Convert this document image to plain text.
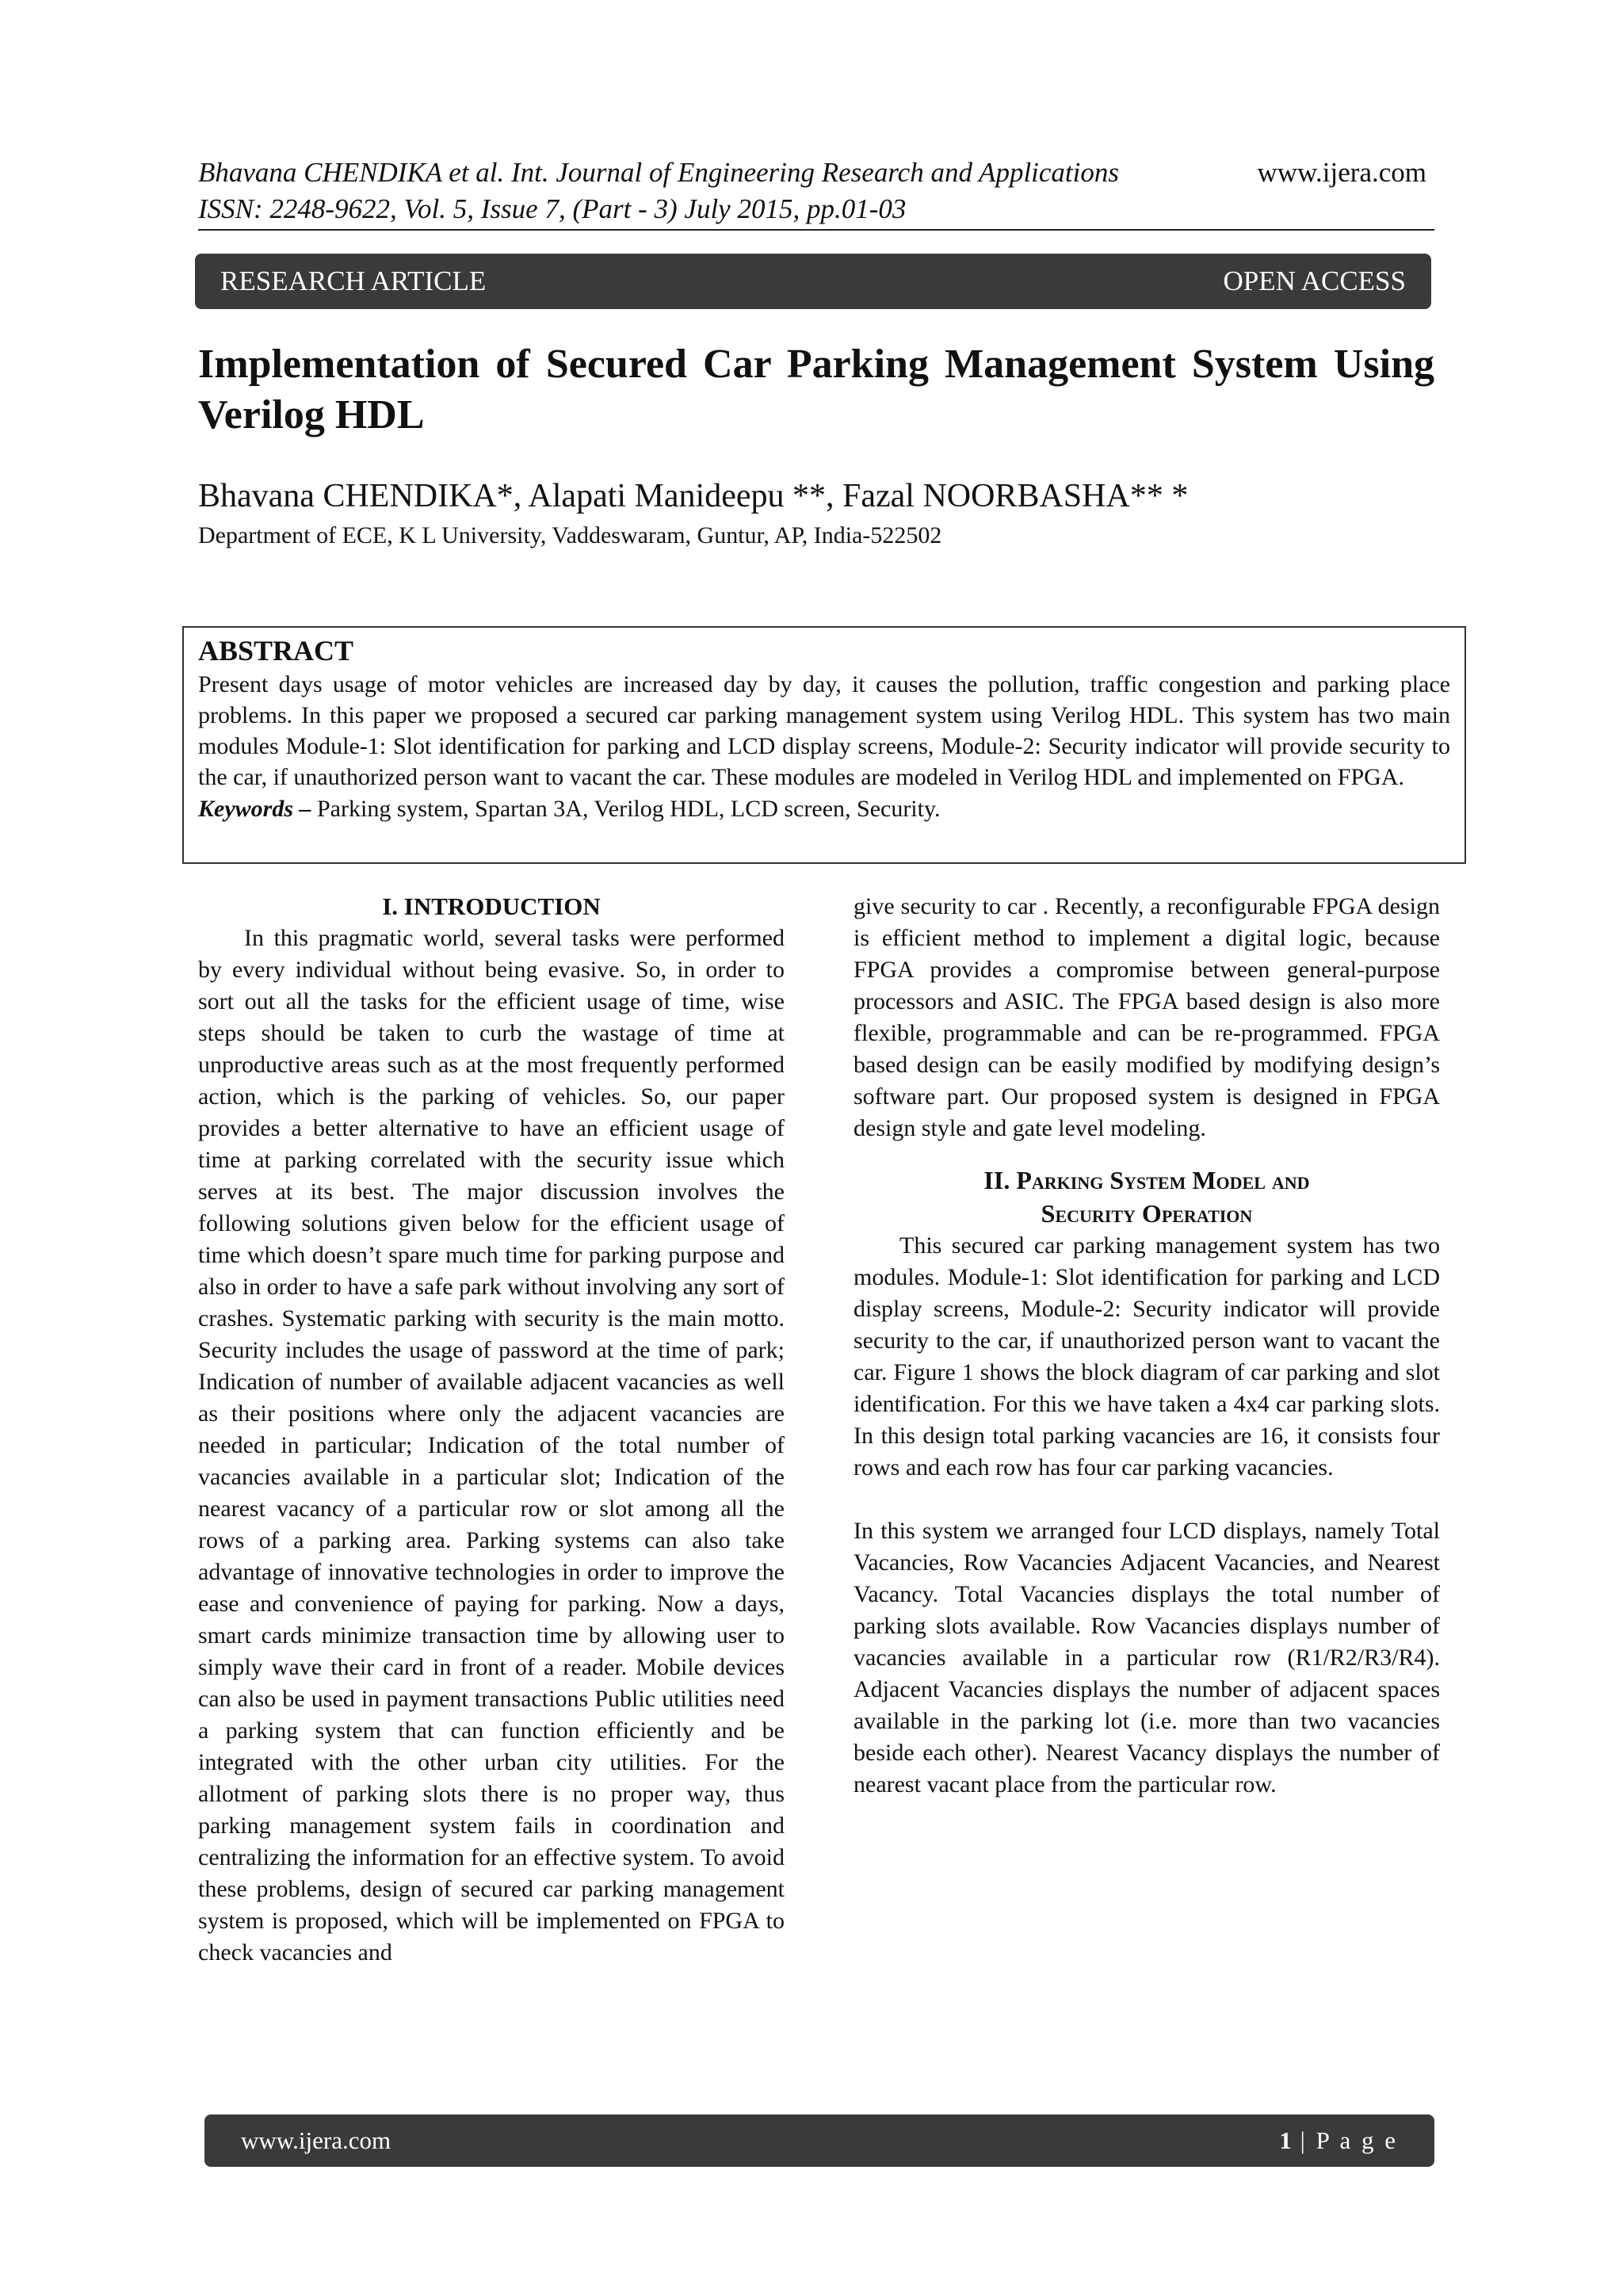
Bhavana CHENDIKA et al. Int. Journal of Engineering Research and Applications
ISSN: 2248-9622, Vol. 5, Issue 7, (Part - 3) July 2015, pp.01-03
www.ijera.com
RESEARCH ARTICLE	OPEN ACCESS
Implementation of Secured Car Parking Management System Using Verilog HDL
Bhavana CHENDIKA*, Alapati Manideepu **, Fazal NOORBASHA** *
Department of ECE, K L University, Vaddeswaram, Guntur, AP, India-522502
ABSTRACT
Present days usage of motor vehicles are increased day by day, it causes the pollution, traffic congestion and parking place problems. In this paper we proposed a secured car parking management system using Verilog HDL. This system has two main modules Module-1: Slot identification for parking and LCD display screens, Module-2: Security indicator will provide security to the car, if unauthorized person want to vacant the car. These modules are modeled in Verilog HDL and implemented on FPGA.
Keywords – Parking system, Spartan 3A, Verilog HDL, LCD screen, Security.
I. INTRODUCTION

In this pragmatic world, several tasks were performed by every individual without being evasive. So, in order to sort out all the tasks for the efficient usage of time, wise steps should be taken to curb the wastage of time at unproductive areas such as at the most frequently performed action, which is the parking of vehicles. So, our paper provides a better alternative to have an efficient usage of time at parking correlated with the security issue which serves at its best. The major discussion involves the following solutions given below for the efficient usage of time which doesn’t spare much time for parking purpose and also in order to have a safe park without involving any sort of crashes. Systematic parking with security is the main motto. Security includes the usage of password at the time of park; Indication of number of available adjacent vacancies as well as their positions where only the adjacent vacancies are needed in particular; Indication of the total number of vacancies available in a particular slot; Indication of the nearest vacancy of a particular row or slot among all the rows of a parking area. Parking systems can also take advantage of innovative technologies in order to improve the ease and convenience of paying for parking. Now a days, smart cards minimize transaction time by allowing user to simply wave their card in front of a reader. Mobile devices can also be used in payment transactions Public utilities need a parking system that can function efficiently and be integrated with the other urban city utilities. For the allotment of parking slots there is no proper way, thus parking management system fails in coordination and centralizing the information for an effective system. To avoid these problems, design of secured car parking management system is proposed, which will be implemented on FPGA to check vacancies and

give security to car . Recently, a reconfigurable FPGA design is efficient method to implement a digital logic, because FPGA provides a compromise between general-purpose processors and ASIC. The FPGA based design is also more flexible, programmable and can be re-programmed. FPGA based design can be easily modified by modifying design’s software part. Our proposed system is designed in FPGA design style and gate level modeling.

II. Parking System Model and
Security Operation

This secured car parking management system has two modules. Module-1: Slot identification for parking and LCD display screens, Module-2: Security indicator will provide security to the car, if unauthorized person want to vacant the car. Figure 1 shows the block diagram of car parking and slot identification. For this we have taken a 4x4 car parking slots. In this design total parking vacancies are 16, it consists four rows and each row has four car parking vacancies.

In this system we arranged four LCD displays, namely Total Vacancies, Row Vacancies Adjacent Vacancies, and Nearest Vacancy. Total Vacancies displays the total number of parking slots available. Row Vacancies displays number of vacancies available in a particular row (R1/R2/R3/R4). Adjacent Vacancies displays the number of adjacent spaces available in the parking lot (i.e. more than two vacancies beside each other). Nearest Vacancy displays the number of nearest vacant place from the particular row.

www.ijera.com	1 | P a g e
